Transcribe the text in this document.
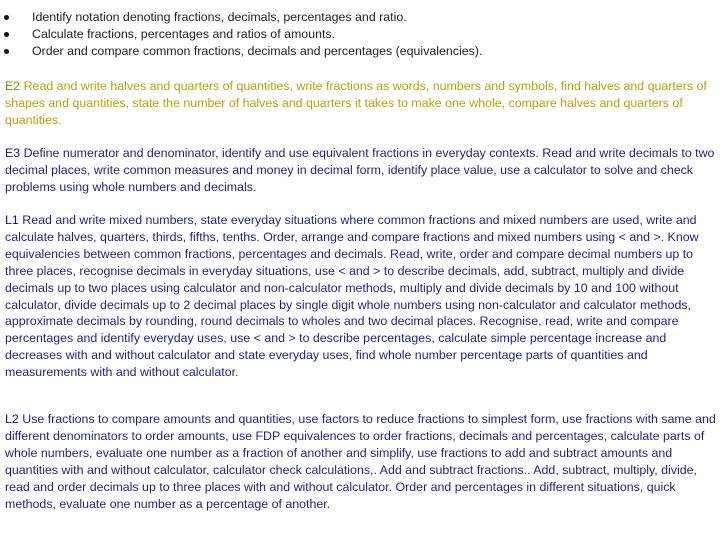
Identify notation denoting fractions, decimals, percentages and ratio.
Calculate fractions, percentages and ratios of amounts.
Order and compare common fractions, decimals and percentages (equivalencies).

E2 Read and write halves and quarters of quantities, write fractions as words, numbers and symbols, find halves and quarters of shapes and quantities, state the number of halves and quarters it takes to make one whole, compare halves and quarters of quantities.

E3 Define numerator and denominator, identify and use equivalent fractions in everyday contexts. Read and write decimals to two decimal places, write common measures and money in decimal form, identify place value, use a calculator to solve and check problems using whole numbers and decimals.

L1 Read and write mixed numbers, state everyday situations where common fractions and mixed numbers are used, write and calculate halves, quarters, thirds, fifths, tenths. Order, arrange and compare fractions and mixed numbers using < and >. Know equivalencies between common fractions, percentages and decimals. Read, write, order and compare decimal numbers up to three places, recognise decimals in everyday situations, use < and > to describe decimals, add, subtract, multiply and divide decimals up to two places using calculator and non-calculator methods, multiply and divide decimals by 10 and 100 without calculator, divide decimals up to 2 decimal places by single digit whole numbers using non-calculator and calculator methods, approximate decimals by rounding, round decimals to wholes and two decimal places. Recognise, read, write and compare percentages and identify everyday uses, use < and > to describe percentages, calculate simple percentage increase and decreases with and without calculator and state everyday uses, find whole number percentage parts of quantities and measurements with and without calculator.

L2 Use fractions to compare amounts and quantities, use factors to reduce fractions to simplest form, use fractions with same and different denominators to order amounts, use FDP equivalences to order fractions, decimals and percentages, calculate parts of whole numbers, evaluate one number as a fraction of another and simplify, use fractions to add and subtract amounts and quantities with and without calculator, calculator check calculations,. Add and subtract fractions.. Add, subtract, multiply, divide, read and order decimals up to three places with and without calculator. Order and percentages in different situations, quick methods, evaluate one number as a percentage of another.
